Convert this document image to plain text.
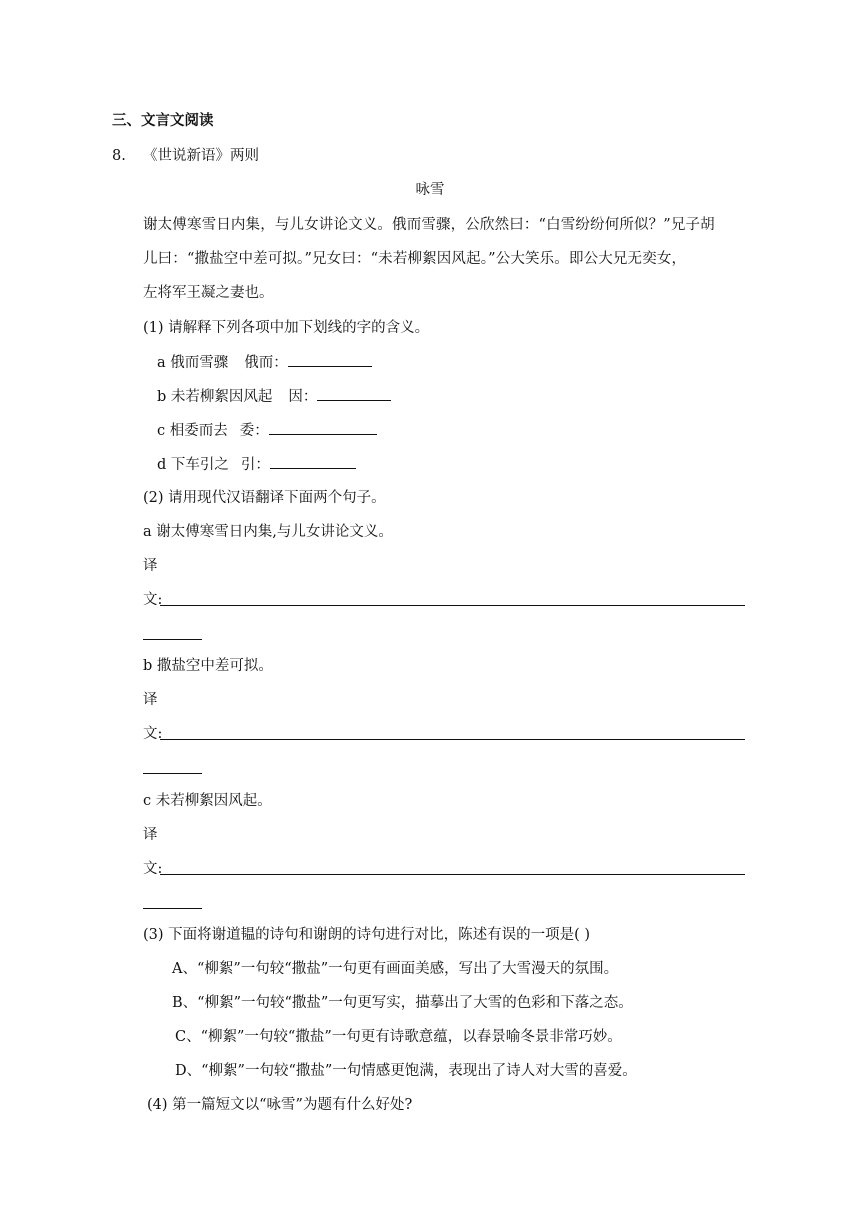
三、文言文阅读
8. 《世说新语》两则
咏雪
谢太傅寒雪日内集，与儿女讲论文义。俄而雪骤，公欣然曰：“白雪纷纷何所似？”兄子胡
儿曰：“撒盐空中差可拟。”兄女曰：“未若柳絮因风起。”公大笑乐。即公大兄无奕女，
左将军王凝之妻也。
(1) 请解释下列各项中加下划线的字的含义。
a 俄而雪骤 俄而：
b 未若柳絮因风起 因：
c 相委而去 委：
d 下车引之 引：
(2) 请用现代汉语翻译下面两个句子。
a 谢太傅寒雪日内集,与儿女讲论文义。
译
文:
b 撒盐空中差可拟。
译
文:
c 未若柳絮因风起。
译
文:
(3) 下面将谢道韫的诗句和谢朗的诗句进行对比，陈述有误的一项是( )
A、“柳絮”一句较“撒盐”一句更有画面美感，写出了大雪漫天的氛围。
B、“柳絮”一句较“撒盐”一句更写实，描摹出了大雪的色彩和下落之态。
C、“柳絮”一句较“撒盐”一句更有诗歌意蕴，以春景喻冬景非常巧妙。
D、“柳絮”一句较“撒盐”一句情感更饱满，表现出了诗人对大雪的喜爱。
(4) 第一篇短文以“咏雪”为题有什么好处?
